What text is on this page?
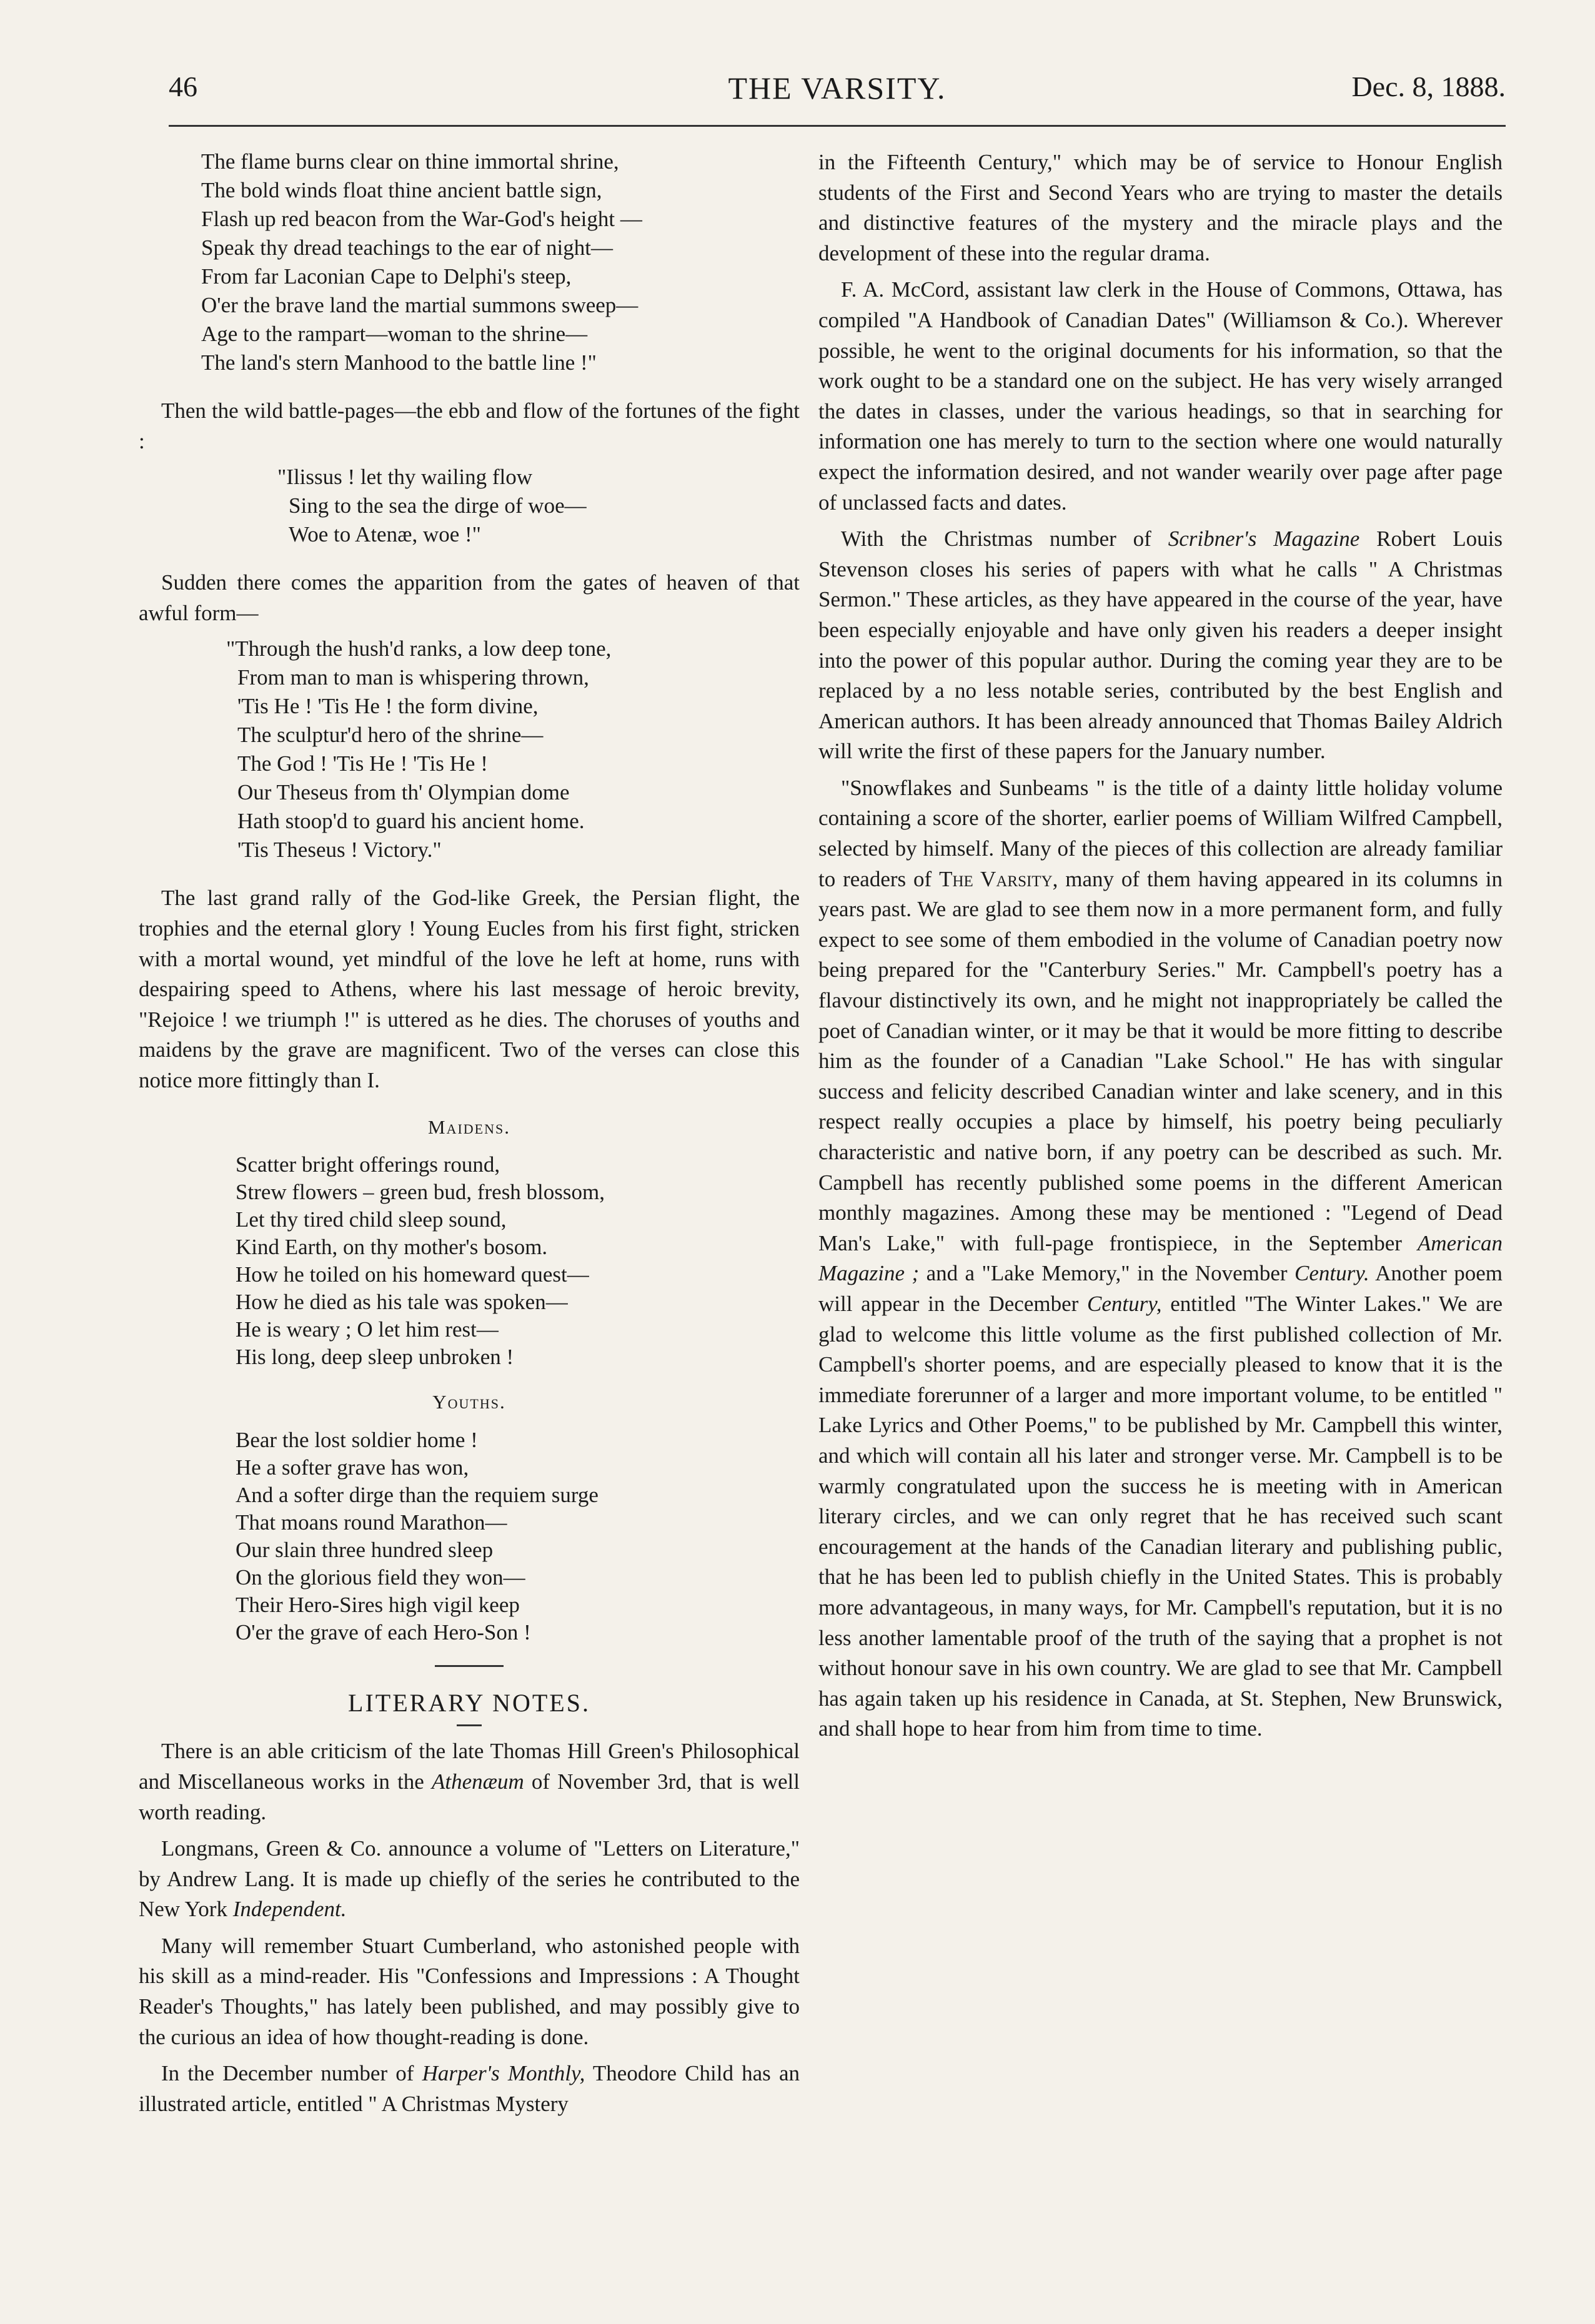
46	THE VARSITY.	Dec. 8, 1888.
The flame burns clear on thine immortal shrine,
The bold winds float thine ancient battle sign,
Flash up red beacon from the War-God's height —
Speak thy dread teachings to the ear of night—
From far Laconian Cape to Delphi's steep,
O'er the brave land the martial summons sweep—
Age to the rampart—woman to the shrine—
The land's stern Manhood to the battle line !"

Then the wild battle-pages—the ebb and flow of the fortunes of the fight :

"Ilissus ! let thy wailing flow
Sing to the sea the dirge of woe—
Woe to Atenæ, woe !"

Sudden there comes the apparition from the gates of heaven of that awful form—

"Through the hush'd ranks, a low deep tone,
From man to man is whispering thrown,
'Tis He ! 'Tis He ! the form divine,
The sculptur'd hero of the shrine—
The God ! 'Tis He ! 'Tis He !
Our Theseus from th' Olympian dome
Hath stoop'd to guard his ancient home.
'Tis Theseus ! Victory."

The last grand rally of the God-like Greek, the Persian flight, the trophies and the eternal glory ! Young Eucles from his first fight, stricken with a mortal wound, yet mindful of the love he left at home, runs with despairing speed to Athens, where his last message of heroic brevity, "Rejoice ! we triumph !" is uttered as he dies. The choruses of youths and maidens by the grave are magnificent. Two of the verses can close this notice more fittingly than I.

Maidens.
Scatter bright offerings round,
Strew flowers – green bud, fresh blossom,
Let thy tired child sleep sound,
Kind Earth, on thy mother's bosom.
How he toiled on his homeward quest—
How he died as his tale was spoken—
He is weary ; O let him rest—
His long, deep sleep unbroken !
Youths.
Bear the lost soldier home !
He a softer grave has won,
And a softer dirge than the requiem surge
That moans round Marathon—
Our slain three hundred sleep
On the glorious field they won—
Their Hero-Sires high vigil keep
O'er the grave of each Hero-Son !
LITERARY NOTES.

There is an able criticism of the late Thomas Hill Green's Philosophical and Miscellaneous works in the Athenæum of November 3rd, that is well worth reading.

Longmans, Green & Co. announce a volume of "Letters on Literature," by Andrew Lang. It is made up chiefly of the series he contributed to the New York Independent.

Many will remember Stuart Cumberland, who astonished people with his skill as a mind-reader. His "Confessions and Impressions : A Thought Reader's Thoughts," has lately been published, and may possibly give to the curious an idea of how thought-reading is done.

In the December number of Harper's Monthly, Theodore Child has an illustrated article, entitled " A Christmas Mystery

in the Fifteenth Century," which may be of service to Honour English students of the First and Second Years who are trying to master the details and distinctive features of the mystery and the miracle plays and the development of these into the regular drama.

F. A. McCord, assistant law clerk in the House of Commons, Ottawa, has compiled "A Handbook of Canadian Dates" (Williamson & Co.). Wherever possible, he went to the original documents for his information, so that the work ought to be a standard one on the subject. He has very wisely arranged the dates in classes, under the various headings, so that in searching for information one has merely to turn to the section where one would naturally expect the information desired, and not wander wearily over page after page of unclassed facts and dates.

With the Christmas number of Scribner's Magazine Robert Louis Stevenson closes his series of papers with what he calls " A Christmas Sermon." These articles, as they have appeared in the course of the year, have been especially enjoyable and have only given his readers a deeper insight into the power of this popular author. During the coming year they are to be replaced by a no less notable series, contributed by the best English and American authors. It has been already announced that Thomas Bailey Aldrich will write the first of these papers for the January number.

"Snowflakes and Sunbeams " is the title of a dainty little holiday volume containing a score of the shorter, earlier poems of William Wilfred Campbell, selected by himself. Many of the pieces of this collection are already familiar to readers of The Varsity, many of them having appeared in its columns in years past. We are glad to see them now in a more permanent form, and fully expect to see some of them embodied in the volume of Canadian poetry now being prepared for the "Canterbury Series." Mr. Campbell's poetry has a flavour distinctively its own, and he might not inappropriately be called the poet of Canadian winter, or it may be that it would be more fitting to describe him as the founder of a Canadian "Lake School." He has with singular success and felicity described Canadian winter and lake scenery, and in this respect really occupies a place by himself, his poetry being peculiarly characteristic and native born, if any poetry can be described as such. Mr. Campbell has recently published some poems in the different American monthly magazines. Among these may be mentioned : "Legend of Dead Man's Lake," with full-page frontispiece, in the September American Magazine ; and a "Lake Memory," in the November Century. Another poem will appear in the December Century, entitled "The Winter Lakes." We are glad to welcome this little volume as the first published collection of Mr. Campbell's shorter poems, and are especially pleased to know that it is the immediate forerunner of a larger and more important volume, to be entitled " Lake Lyrics and Other Poems," to be published by Mr. Campbell this winter, and which will contain all his later and stronger verse. Mr. Campbell is to be warmly congratulated upon the success he is meeting with in American literary circles, and we can only regret that he has received such scant encouragement at the hands of the Canadian literary and publishing public, that he has been led to publish chiefly in the United States. This is probably more advantageous, in many ways, for Mr. Campbell's reputation, but it is no less another lamentable proof of the truth of the saying that a prophet is not without honour save in his own country. We are glad to see that Mr. Campbell has again taken up his residence in Canada, at St. Stephen, New Brunswick, and shall hope to hear from him from time to time.
